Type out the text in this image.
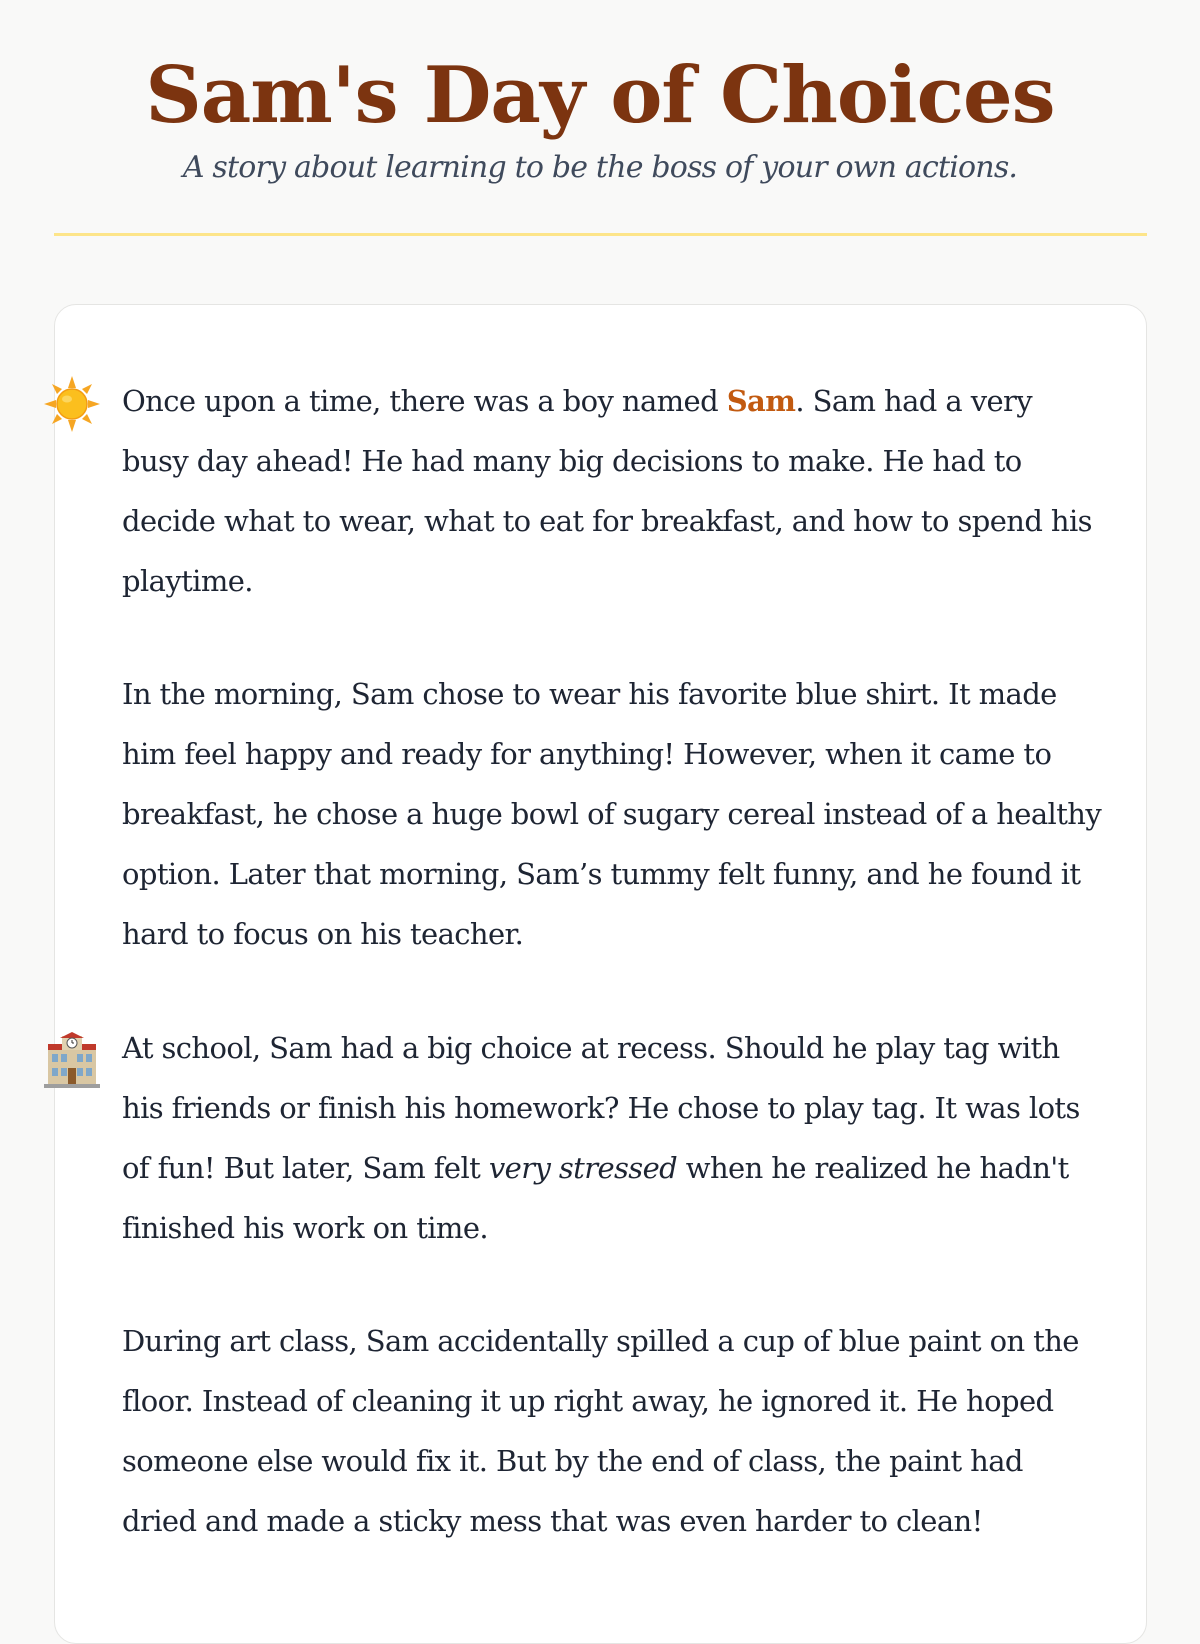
Sam's Day of Choices

A story about learning to be the boss of your own actions.

Once upon a time, there was a boy named Sam. Sam had a very busy day ahead! He had many big decisions to make. He had to decide what to wear, what to eat for breakfast, and how to spend his playtime.

In the morning, Sam chose to wear his favorite blue shirt. It made him feel happy and ready for anything! However, when it came to breakfast, he chose a huge bowl of sugary cereal instead of a healthy option. Later that morning, Sam’s tummy felt funny, and he found it hard to focus on his teacher.

At school, Sam had a big choice at recess. Should he play tag with his friends or finish his homework? He chose to play tag. It was lots of fun! But later, Sam felt very stressed when he realized he hadn't finished his work on time.

During art class, Sam accidentally spilled a cup of blue paint on the floor. Instead of cleaning it up right away, he ignored it. He hoped someone else would fix it. But by the end of class, the paint had dried and made a sticky mess that was even harder to clean!
